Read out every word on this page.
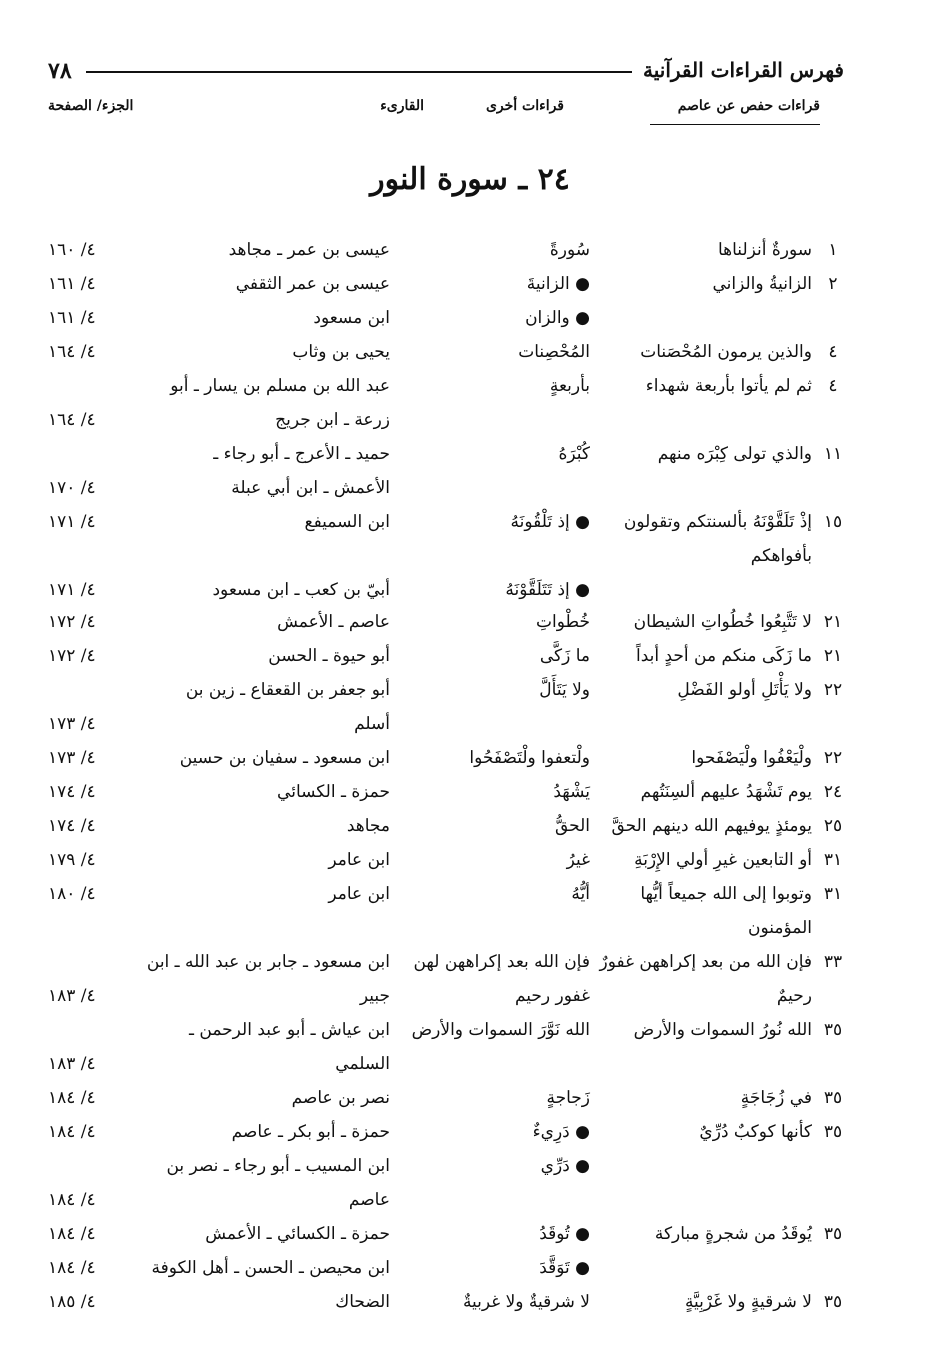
٧٨	فهرس القراءات القرآنية
قراءات حفص عن عاصم
قراءات أخرى
القارىء
الجزء/ الصفحة
٢٤ ـ سورة النور
١
سورةٌ أنزلناها
سُورةً
عيسى بن عمر ـ مجاهد
٤/ ١٦٠
٢
الزانيةُ والزاني
● الزانيةَ
عيسى بن عمر الثقفي
٤/ ١٦١
● والزان
ابن مسعود
٤/ ١٦١
٤
والذين يرمون المُحْصَنات
المُحْصِنات
يحيى بن وثاب
٤/ ١٦٤
٤
ثم لم يأتوا بأربعة شهداء
بأربعةٍ
عبد الله بن مسلم بن يسار ـ أبو
زرعة ـ ابن جريج
٤/ ١٦٤
١١
والذي تولى كِبْرَه منهم
كُبْرَهُ
حميد ـ الأعرج ـ أبو رجاء ـ
الأعمش ـ ابن أبي عبلة
٤/ ١٧٠
١٥
إذْ تَلَقَّوْنَهُ بألسنتكم وتقولون
● إذ تَلْقُونَهُ
ابن السميفع
٤/ ١٧١
بأفواهكم
● إذ تَتَلَقَّوْنَهُ
أبيّ بن كعب ـ ابن مسعود
٤/ ١٧١
٢١
لا تَتَّبِعُوا خُطُواتِ الشيطان
خُطْواتِ
عاصم ـ الأعمش
٤/ ١٧٢
٢١
ما زَكَى منكم من أحدٍ أبداً
ما زَكَّى
أبو حيوة ـ الحسن
٤/ ١٧٢
٢٢
ولا يَأْتَلِ أولو الفَضْلِ
ولا يَتَأَلَّ
أبو جعفر بن القعقاع ـ زين بن
أسلم
٤/ ١٧٣
٢٢
ولْيَعْفُوا ولْيَصْفَحوا
ولْتعفوا ولْتَصْفَحُوا
ابن مسعود ـ سفيان بن حسين
٤/ ١٧٣
٢٤
يوم تَشْهَدُ عليهم ألسِنَتُهم
يَشْهَدُ
حمزة ـ الكسائي
٤/ ١٧٤
٢٥
يومئذٍ يوفيهم الله دينهم الحقَّ
الحقُّ
مجاهد
٤/ ١٧٤
٣١
أو التابعين غيرِ أولي الإِرْبَةِ
غيرُ
ابن عامر
٤/ ١٧٩
٣١
وتوبوا إلى الله جميعاً أيُّها
أيُّهُ
ابن عامر
٤/ ١٨٠
المؤمنون
٣٣
فإن الله من بعد إكراههن غفورٌ
فإن الله بعد إكراههن لهن
ابن مسعود ـ جابر بن عبد الله ـ ابن
رحيمٌ
غفور رحيم
جبير
٤/ ١٨٣
٣٥
الله نُورُ السموات والأرض
الله نَوَّرَ السموات والأرض
ابن عياش ـ أبو عبد الرحمن ـ
السلمي
٤/ ١٨٣
٣٥
في زُجَاجَةٍ
زَجاجةٍ
نصر بن عاصم
٤/ ١٨٤
٣٥
كأنها كوكبٌ دُرِّيٌ
● دَرِيءٌ
حمزة ـ أبو بكر ـ عاصم
٤/ ١٨٤
● دَرِّي
ابن المسيب ـ أبو رجاء ـ نصر بن
عاصم
٤/ ١٨٤
٣٥
يُوقَدُ من شجرةٍ مباركة
● تُوقَدُ
حمزة ـ الكسائي ـ الأعمش
٤/ ١٨٤
● تَوَقَّدَ
ابن محيصن ـ الحسن ـ أهل الكوفة
٤/ ١٨٤
٣٥
لا شرقيةٍ ولا غَرْبِيَّةٍ
لا شرقيةٌ ولا غربيةٌ
الضحاك
٤/ ١٨٥
